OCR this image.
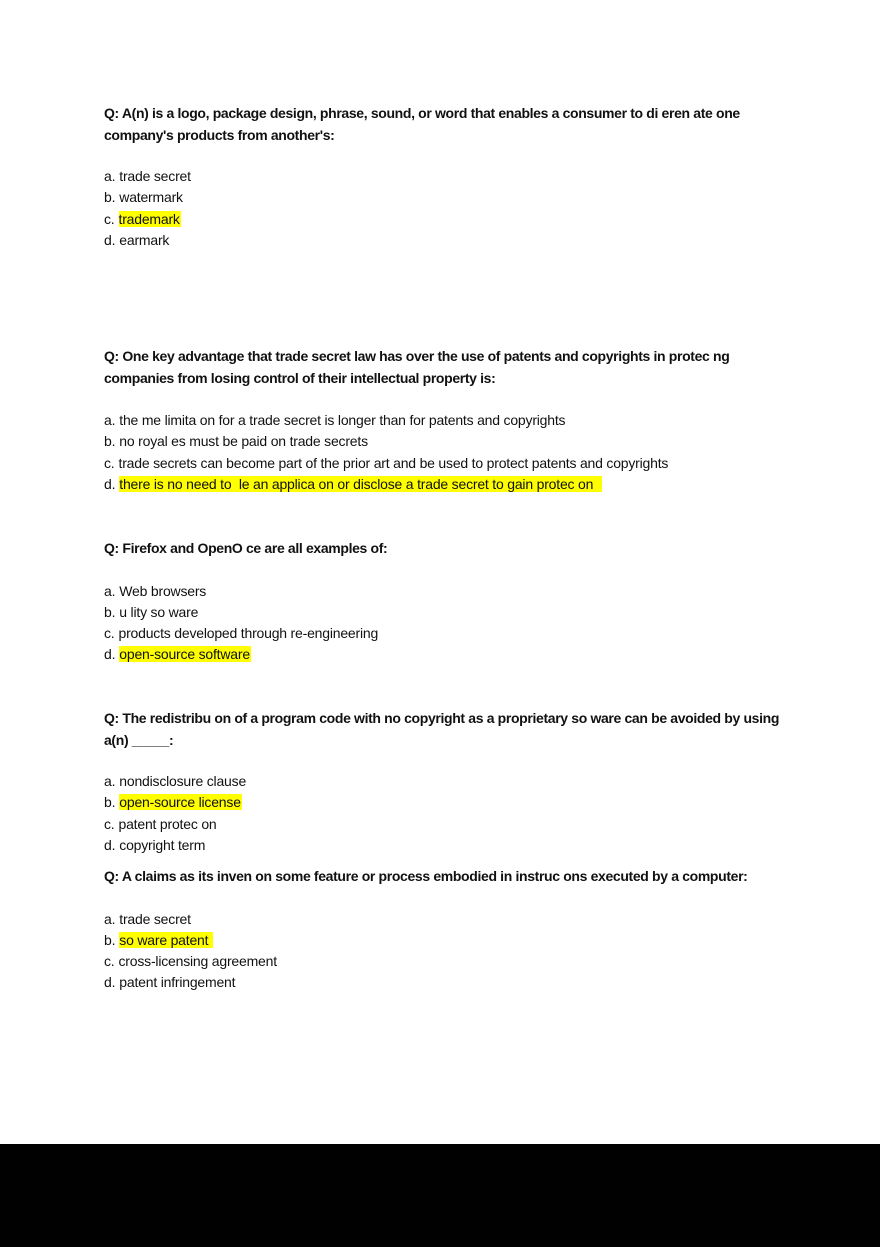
Q: A(n) is a logo, package design, phrase, sound, or word that enables a consumer to di eren ate one company's products from another's:

a. trade secret
b. watermark
c. trademark
d. earmark

Q: One key advantage that trade secret law has over the use of patents and copyrights in protec ng companies from losing control of their intellectual property is:

a. the me limita on for a trade secret is longer than for patents and copyrights
b. no royal es must be paid on trade secrets
c. trade secrets can become part of the prior art and be used to protect patents and copyrights
d. there is no need to  le an applica on or disclose a trade secret to gain protec on

Q: Firefox and OpenO ce are all examples of:

a. Web browsers
b. u lity so ware
c. products developed through re-engineering
d. open-source software

Q: The redistribu on of a program code with no copyright as a proprietary so ware can be avoided by using a(n) _____:

a. nondisclosure clause
b. open-source license
c. patent protec on
d. copyright term

Q: A claims as its inven on some feature or process embodied in instruc ons executed by a computer:

a. trade secret
b. so ware patent
c. cross-licensing agreement
d. patent infringement
